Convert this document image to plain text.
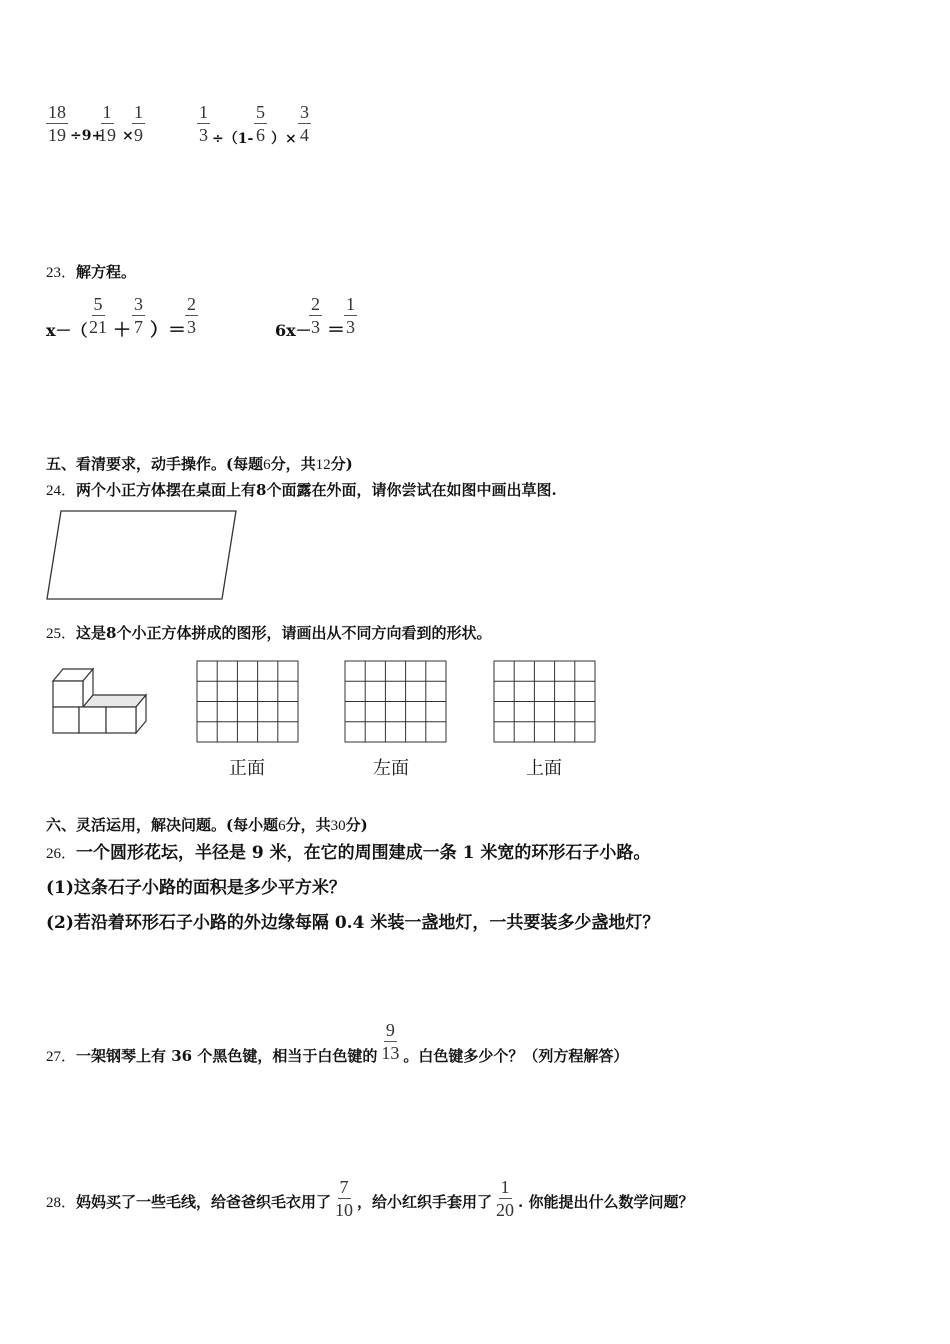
$\frac{18}{19} \div 9+$
$\frac{1}{19}$ ×
$\frac{1}{9}$	$\frac{1}{3} \div(1- \frac{5}{6}$ ）× $\frac{3}{4}$
23．解方程。
$x-( \frac{5}{21} + \frac{3}{7}$ ）＝ $\frac{2}{3}$	6x－
$\frac{2}{3} = \frac{1}{3}$
五、看清要求，动手操作。(每题6分，共12分)
24．两个小正方体摆在桌面上有8个面露在外面，请你尝试在如图中画出草图.
25．这是8个小正方体拼成的图形，请画出从不同方向看到的形状。
正面	左面	上面
六、灵活运用，解决问题。(每小题6分，共30分)
26．一个圆形花坛，半径是 9 米，在它的周围建成一条 1 米宽的环形石子小路。
(1)这条石子小路的面积是多少平方米？
(2)若沿着环形石子小路的外边缘每隔 0.4 米装一盏地灯，一共要装多少盏地灯？
27．一架钢琴上有 36 个黑色键，相当于白色键的 。白色键多少个？（列方程解答）
$\frac{9}{13}$
28．妈妈买了一些毛线，给爸爸织毛衣用了 ，给小红织手套用了 . 你能提出什么数学问题？
$\frac{7}{10}$	$\frac{1}{20}$
